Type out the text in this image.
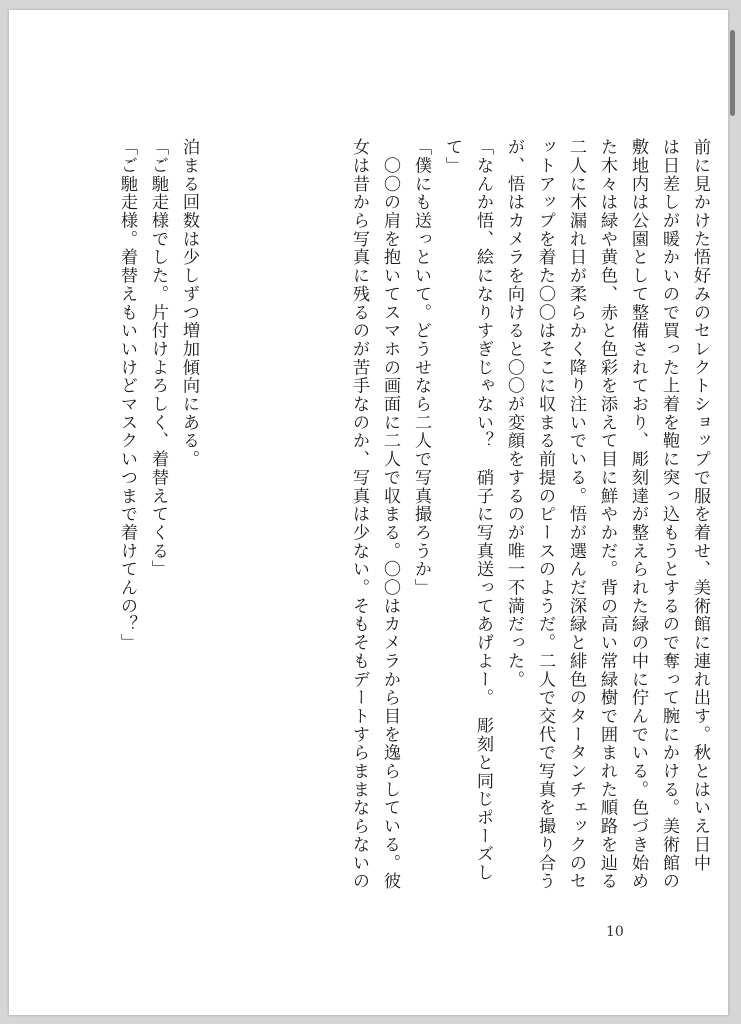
泊まる回数は少しずつ増加傾向にある。
「ご馳走様でした。片付けよろしく、着替えてくる」
「ご馳走様。着替えもいいけどマスクいつまで着けてんの？」	前に見かけた悟好みのセレクトショップで服を着せ、美術館に連れ出す。秋とはいえ日中
は日差しが暖かいので買った上着を鞄に突っ込もうとするので奪って腕にかける。美術館の
敷地内は公園として整備されており、彫刻達が整えられた緑の中に佇んでいる。色づき始め
た木々は緑や黄色、赤と色彩を添えて目に鮮やかだ。背の高い常緑樹で囲まれた順路を辿る
二人に木漏れ日が柔らかく降り注いでいる。悟が選んだ深緑と緋色のタータンチェックのセ
ットアップを着た〇〇はそこに収まる前提のピースのようだ。二人で交代で写真を撮り合う
が、悟はカメラを向けると〇〇が変顔をするのが唯一不満だった。
「なんか悟、絵になりすぎじゃない？　硝子に写真送ってあげよー。　彫刻と同じポーズし
て」
「僕にも送っといて。どうせなら二人で写真撮ろうか」
　〇〇の肩を抱いてスマホの画面に二人で収まる。〇〇はカメラから目を逸らしている。彼
女は昔から写真に残るのが苦手なのか、写真は少ない。そもそもデートすらままならないの
10
